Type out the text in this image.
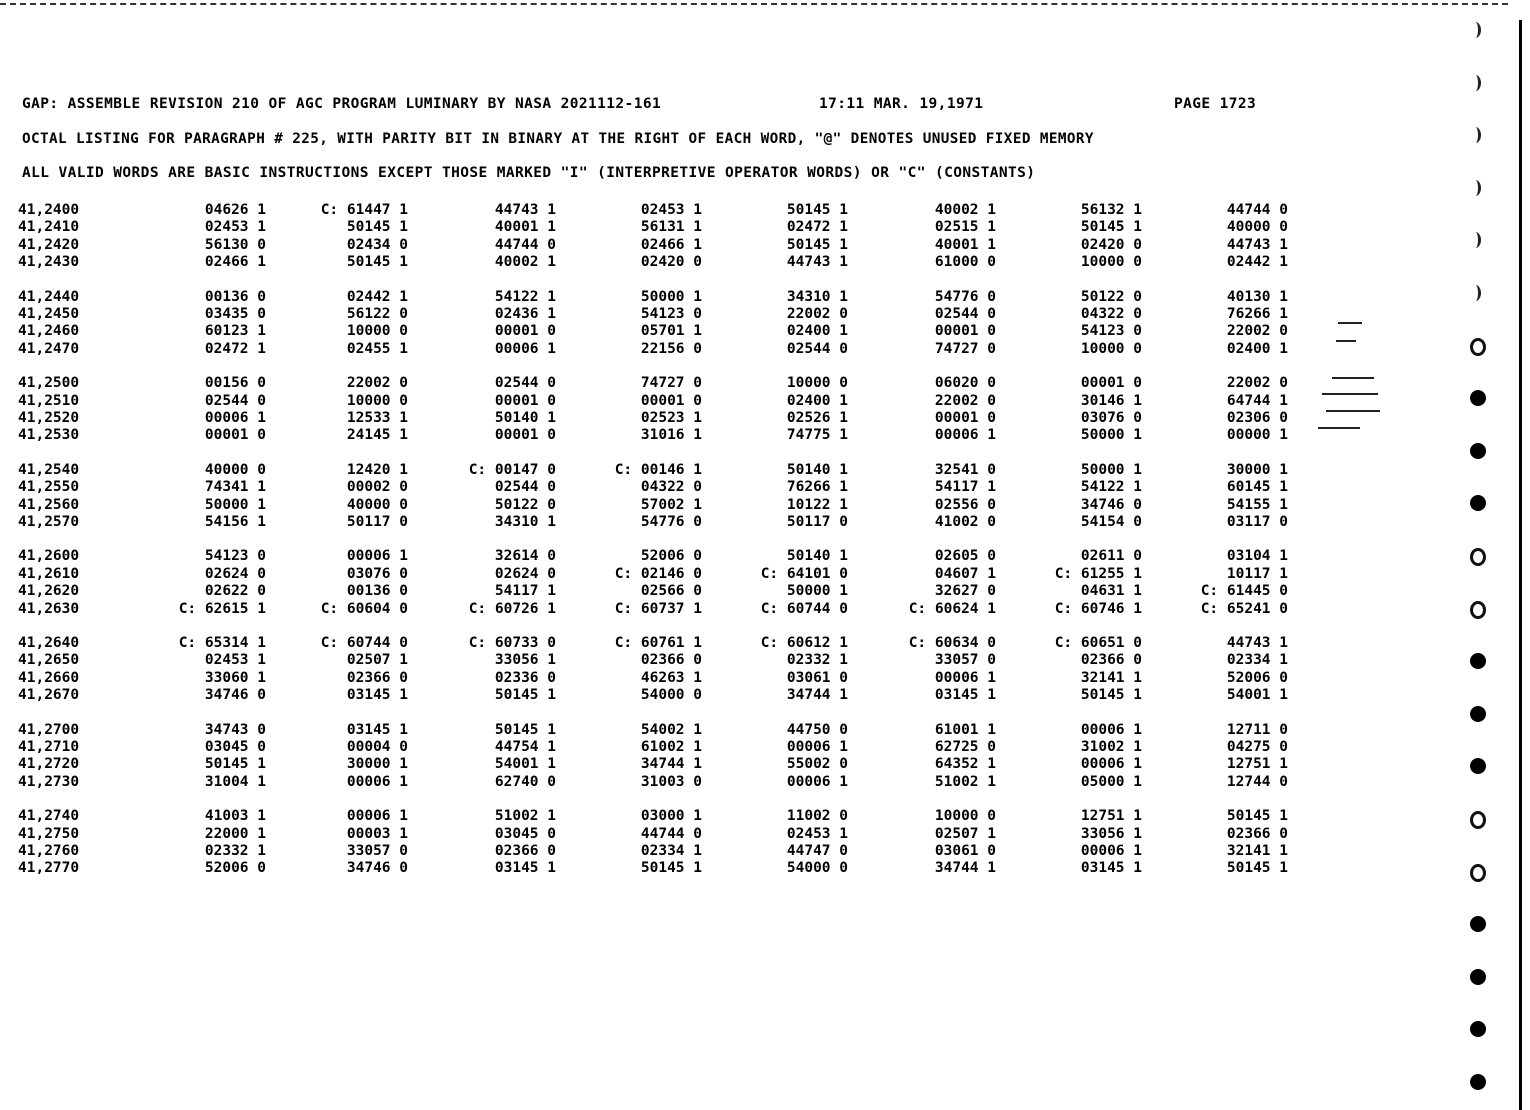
GAP: ASSEMBLE REVISION 210 OF AGC PROGRAM LUMINARY BY NASA 2021112-161	17:11 MAR. 19,1971	PAGE 1723
OCTAL LISTING FOR PARAGRAPH # 225, WITH PARITY BIT IN BINARY AT THE RIGHT OF EACH WORD, "@" DENOTES UNUSED FIXED MEMORY
ALL VALID WORDS ARE BASIC INSTRUCTIONS EXCEPT THOSE MARKED "I" (INTERPRETIVE OPERATOR WORDS) OR "C" (CONSTANTS)
41,2400	04626 1	C: 61447 1	44743 1	02453 1	50145 1	40002 1	56132 1	44744 0
41,2410	02453 1	50145 1	40001 1	56131 1	02472 1	02515 1	50145 1	40000 0
41,2420	56130 0	02434 0	44744 0	02466 1	50145 1	40001 1	02420 0	44743 1
41,2430	02466 1	50145 1	40002 1	02420 0	44743 1	61000 0	10000 0	02442 1
41,2440	00136 0	02442 1	54122 1	50000 1	34310 1	54776 0	50122 0	40130 1
41,2450	03435 0	56122 0	02436 1	54123 0	22002 0	02544 0	04322 0	76266 1
41,2460	60123 1	10000 0	00001 0	05701 1	02400 1	00001 0	54123 0	22002 0
41,2470	02472 1	02455 1	00006 1	22156 0	02544 0	74727 0	10000 0	02400 1
41,2500	00156 0	22002 0	02544 0	74727 0	10000 0	06020 0	00001 0	22002 0
41,2510	02544 0	10000 0	00001 0	00001 0	02400 1	22002 0	30146 1	64744 1
41,2520	00006 1	12533 1	50140 1	02523 1	02526 1	00001 0	03076 0	02306 0
41,2530	00001 0	24145 1	00001 0	31016 1	74775 1	00006 1	50000 1	00000 1
41,2540	40000 0	12420 1	C: 00147 0	C: 00146 1	50140 1	32541 0	50000 1	30000 1
41,2550	74341 1	00002 0	02544 0	04322 0	76266 1	54117 1	54122 1	60145 1
41,2560	50000 1	40000 0	50122 0	57002 1	10122 1	02556 0	34746 0	54155 1
41,2570	54156 1	50117 0	34310 1	54776 0	50117 0	41002 0	54154 0	03117 0
41,2600	54123 0	00006 1	32614 0	52006 0	50140 1	02605 0	02611 0	03104 1
41,2610	02624 0	03076 0	02624 0	C: 02146 0	C: 64101 0	04607 1	C: 61255 1	10117 1
41,2620	02622 0	00136 0	54117 1	02566 0	50000 1	32627 0	04631 1	C: 61445 0
41,2630	C: 62615 1	C: 60604 0	C: 60726 1	C: 60737 1	C: 60744 0	C: 60624 1	C: 60746 1	C: 65241 0
41,2640	C: 65314 1	C: 60744 0	C: 60733 0	C: 60761 1	C: 60612 1	C: 60634 0	C: 60651 0	44743 1
41,2650	02453 1	02507 1	33056 1	02366 0	02332 1	33057 0	02366 0	02334 1
41,2660	33060 1	02366 0	02336 0	46263 1	03061 0	00006 1	32141 1	52006 0
41,2670	34746 0	03145 1	50145 1	54000 0	34744 1	03145 1	50145 1	54001 1
41,2700	34743 0	03145 1	50145 1	54002 1	44750 0	61001 1	00006 1	12711 0
41,2710	03045 0	00004 0	44754 1	61002 1	00006 1	62725 0	31002 1	04275 0
41,2720	50145 1	30000 1	54001 1	34744 1	55002 0	64352 1	00006 1	12751 1
41,2730	31004 1	00006 1	62740 0	31003 0	00006 1	51002 1	05000 1	12744 0
41,2740	41003 1	00006 1	51002 1	03000 1	11002 0	10000 0	12751 1	50145 1
41,2750	22000 1	00003 1	03045 0	44744 0	02453 1	02507 1	33056 1	02366 0
41,2760	02332 1	33057 0	02366 0	02334 1	44747 0	03061 0	00006 1	32141 1
41,2770	52006 0	34746 0	03145 1	50145 1	54000 0	34744 1	03145 1	50145 1
